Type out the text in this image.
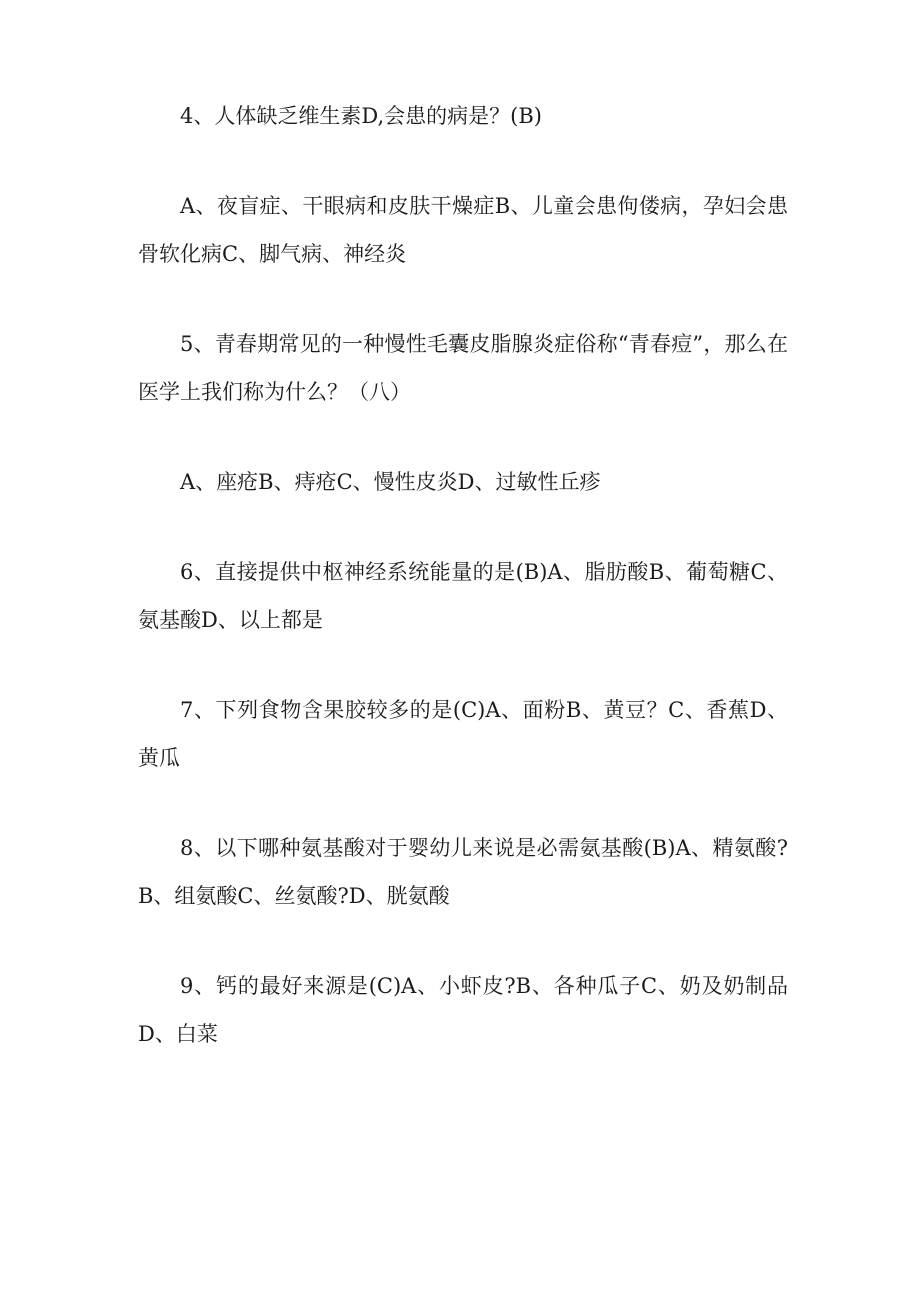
4、人体缺乏维生素D,会患的病是？(B)

A、夜盲症、干眼病和皮肤干燥症B、儿童会患佝偻病，孕妇会患骨软化病C、脚气病、神经炎

5、青春期常见的一种慢性毛囊皮脂腺炎症俗称“青春痘”，那么在医学上我们称为什么？（八）

A、座疮B、痔疮C、慢性皮炎D、过敏性丘疹

6、直接提供中枢神经系统能量的是(B)A、脂肪酸B、葡萄糖C、氨基酸D、以上都是

7、下列食物含果胶较多的是(C)A、面粉B、黄豆？C、香蕉D、黄瓜

8、以下哪种氨基酸对于婴幼儿来说是必需氨基酸(B)A、精氨酸?B、组氨酸C、丝氨酸?D、胱氨酸

9、钙的最好来源是(C)A、小虾皮?B、各种瓜子C、奶及奶制品D、白菜
